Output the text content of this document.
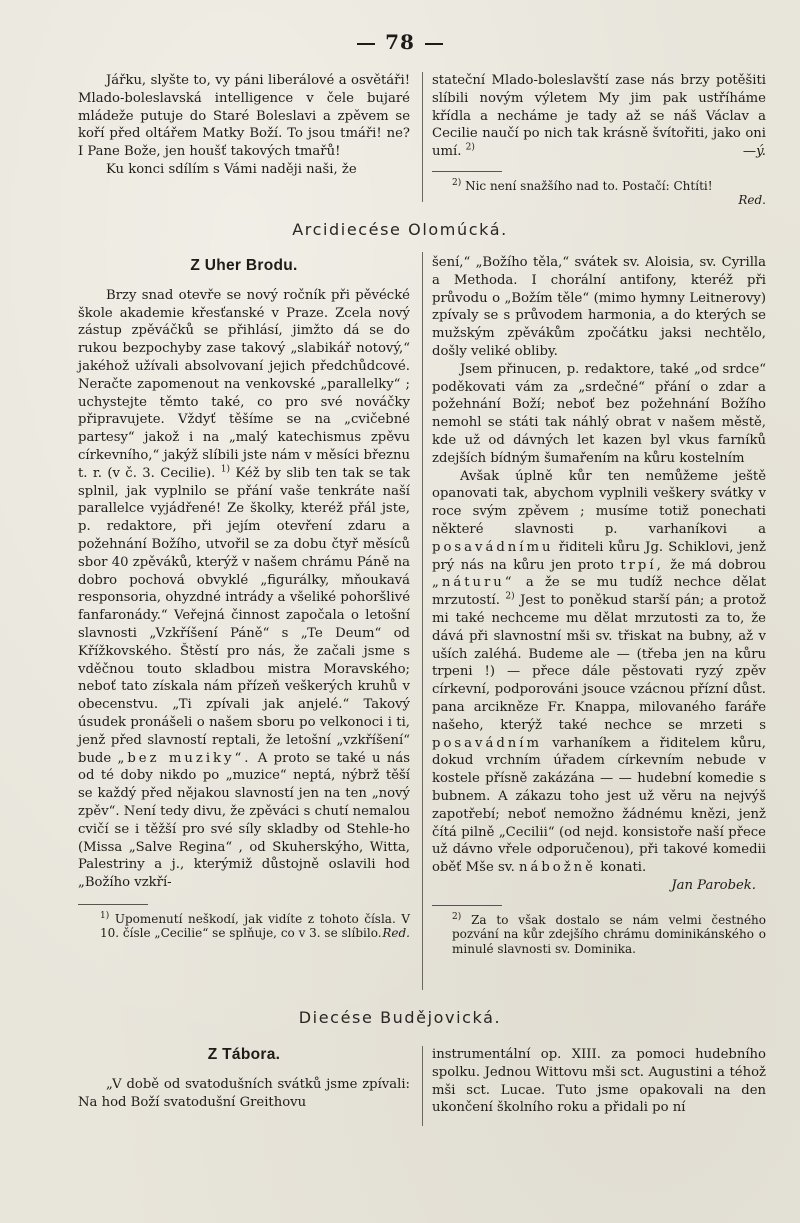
78

Jářku, slyšte to, vy páni liberálové a osvětáři! Mlado-boleslavská intelligence v čele bujaré mládeže putuje do Staré Boleslavi a zpěvem se koří před oltářem Matky Boží. To jsou tmáři! ne? I Pane Bože, jen houšť takových tmařů!

Ku konci sdílím s Vámi naději naši, že

stateční Mlado-boleslavští zase nás brzy potěšiti slíbili novým výletem My jim pak ustříháme křídla a necháme je tady až se náš Václav a Cecilie naučí po nich tak krásně švítořiti, jako oni umí. $^{2)}$	—ý.

$^{2)}$ Nic není snažšího nad to. Postačí: Chtíti!
Red.
Arcidiecése Olomúcká.
Z Uher Brodu.

Brzy snad otevře se nový ročník při pěvécké škole akademie křesťanské v Praze. Zcela nový zástup zpěváčků se přihlásí, jimžto dá se do rukou bezpochyby zase takový „slabikář notový,“ jakéhož užívali absolvovaní jejich předchůdcové. Neračte zapomenout na venkovské „parallelky“ ; uchystejte těmto také, co pro své nováčky připravujete. Vždyť těšíme se na „cvičebné partesy“ jakož i na „malý katechismus zpěvu církevního,“ jakýž slíbili jste nám v měsíci březnu t. r. (v č. 3. Cecilie). $^{1)}$ Kéž by slib ten tak se tak splnil, jak vyplnilo se přání vaše tenkráte naší parallelce vyjádřené! Ze školky, kteréž přál jste, p. redaktore, při jejím otevření zdaru a požehnání Božího, utvořil se za dobu čtyř měsíců sbor 40 zpěváků, kterýž v našem chrámu Páně na dobro pochová obvyklé „figurálky, mňoukavá responsoria, ohyzdné intrády a všeliké pohoršlivé fanfaronády.“ Veřejná činnost započala o letošní slavnosti „Vzkříšení Páně“ s „Te Deum“ od Křížkovského. Štěstí pro nás, že začali jsme s vděčnou touto skladbou mistra Moravského; neboť tato získala nám přízeň veškerých kruhů v obecenstvu. „Ti zpívali jak anjelé.“ Takový úsudek pronášeli o našem sboru po velkonoci i ti, jenž před slavností reptali, že letošní „vzkříšení“ bude „bez muziky“. A proto se také u nás od té doby nikdo po „muzice“ neptá, nýbrž těší se každý před nějakou slavností jen na ten „nový zpěv“. Není tedy divu, že zpěváci s chutí nemalou cvičí se i těžší pro své síly skladby od Stehle-ho (Missa „Salve Regina“ , od Skuherskýho, Witta, Palestriny a j., kterýmiž důstojně oslavili hod „Božího vzkří-

$^{1)}$ Upomenutí neškodí, jak vidíte z tohoto čísla. V 10. čísle „Cecilie“ se splňuje, co v 3. se slíbilo. Red.

šení,“ „Božího těla,“ svátek sv. Aloisia, sv. Cyrilla a Methoda. I chorální antifony, kteréž při průvodu o „Božím těle“ (mimo hymny Leitnerovy) zpívaly se s průvodem harmonia, a do kterých se mužským zpěvákům zpočátku jaksi nechtělo, došly veliké obliby.

Jsem přinucen, p. redaktore, také „od srdce“ poděkovati vám za „srdečné“ přání o zdar a požehnání Boží; neboť bez požehnání Božího nemohl se státi tak náhlý obrat v našem městě, kde už od dávných let kazen byl vkus farníků zdejších bídným šumařením na kůru kostelním

Avšak úplně kůr ten nemůžeme ještě opanovati tak, abychom vyplnili veškery svátky v roce svým zpěvem ; musíme totiž ponechati některé slavnosti p. varhaníkovi a posavádnímu řiditeli kůru Jg. Schiklovi, jenž prý nás na kůru jen proto trpí, že má dobrou „náturu“ a že se mu tudíž nechce dělat mrzutostí. $^{2)}$ Jest to poněkud starší pán; a protož mi také nechceme mu dělat mrzutosti za to, že dává při slavnostní mši sv. třiskat na bubny, až v uších zaléhá. Budeme ale — (třeba jen na kůru trpeni !) — přece dále pěstovati ryzý zpěv církevní, podporováni jsouce vzácnou přízní důst. pana arcikněze Fr. Knappa, milovaného faráře našeho, kterýž také nechce se mrzeti s posavádním varhaníkem a řiditelem kůru, dokud vrchním úřadem církevním nebude v kostele přísně zakázána — — hudební komedie s bubnem. A zákazu toho jest už věru na nejvýš zapotřebí; neboť nemožno žádnému knězi, jenž čítá pilně „Cecilii“ (od nejd. konsistoře naší přece už dávno vřele odporučenou), při takové komedii oběť Mše sv. nábožně konati.

Jan Parobek.
$^{2)}$ Za to však dostalo se nám velmi čestného pozvání na kůr zdejšího chrámu dominikánského o minulé slavnosti sv. Dominika.
Diecése Budějovická.
Z Tábora.

„V době od svatodušních svátků jsme zpívali: Na hod Boží svatodušní Greithovu

instrumentální op. XIII. za pomoci hudebního spolku. Jednou Wittovu mši sct. Augustini a téhož mši sct. Lucae. Tuto jsme opakovali na den ukončení školního roku a přidali po ní
